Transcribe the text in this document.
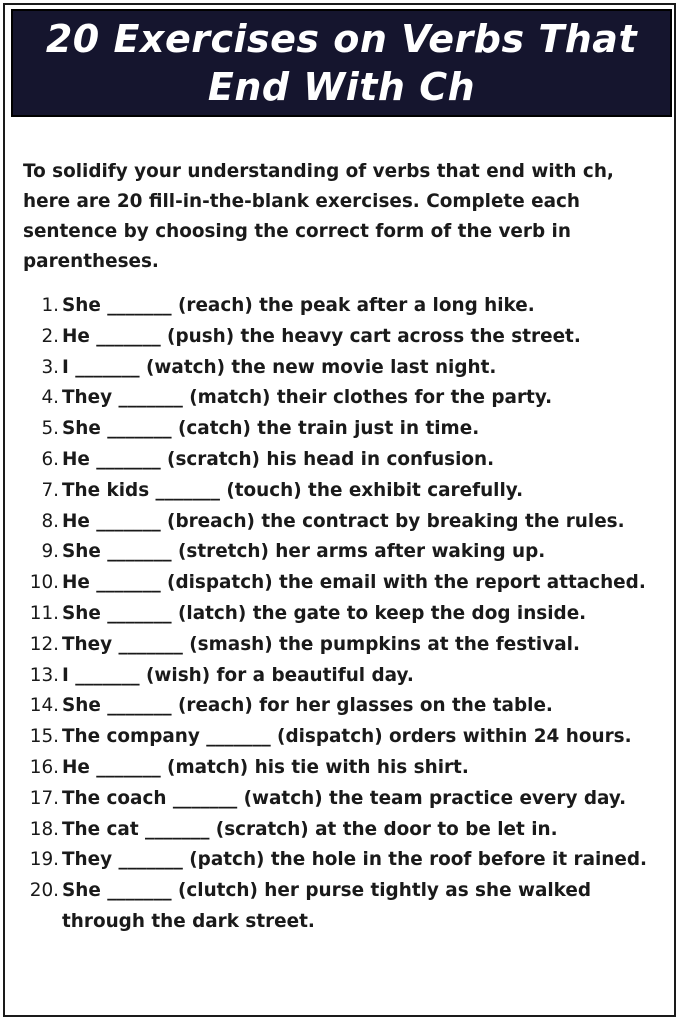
20 Exercises on Verbs That
End With Ch

To solidify your understanding of verbs that end with ch, here are 20 fill-in-the-blank exercises. Complete each sentence by choosing the correct form of the verb in parentheses.

1. She _______ (reach) the peak after a long hike.
2. He _______ (push) the heavy cart across the street.
3. I _______ (watch) the new movie last night.
4. They _______ (match) their clothes for the party.
5. She _______ (catch) the train just in time.
6. He _______ (scratch) his head in confusion.
7. The kids _______ (touch) the exhibit carefully.
8. He _______ (breach) the contract by breaking the rules.
9. She _______ (stretch) her arms after waking up.
10. He _______ (dispatch) the email with the report attached.
11. She _______ (latch) the gate to keep the dog inside.
12. They _______ (smash) the pumpkins at the festival.
13. I _______ (wish) for a beautiful day.
14. She _______ (reach) for her glasses on the table.
15. The company _______ (dispatch) orders within 24 hours.
16. He _______ (match) his tie with his shirt.
17. The coach _______ (watch) the team practice every day.
18. The cat _______ (scratch) at the door to be let in.
19. They _______ (patch) the hole in the roof before it rained.
20. She _______ (clutch) her purse tightly as she walked through the dark street.
